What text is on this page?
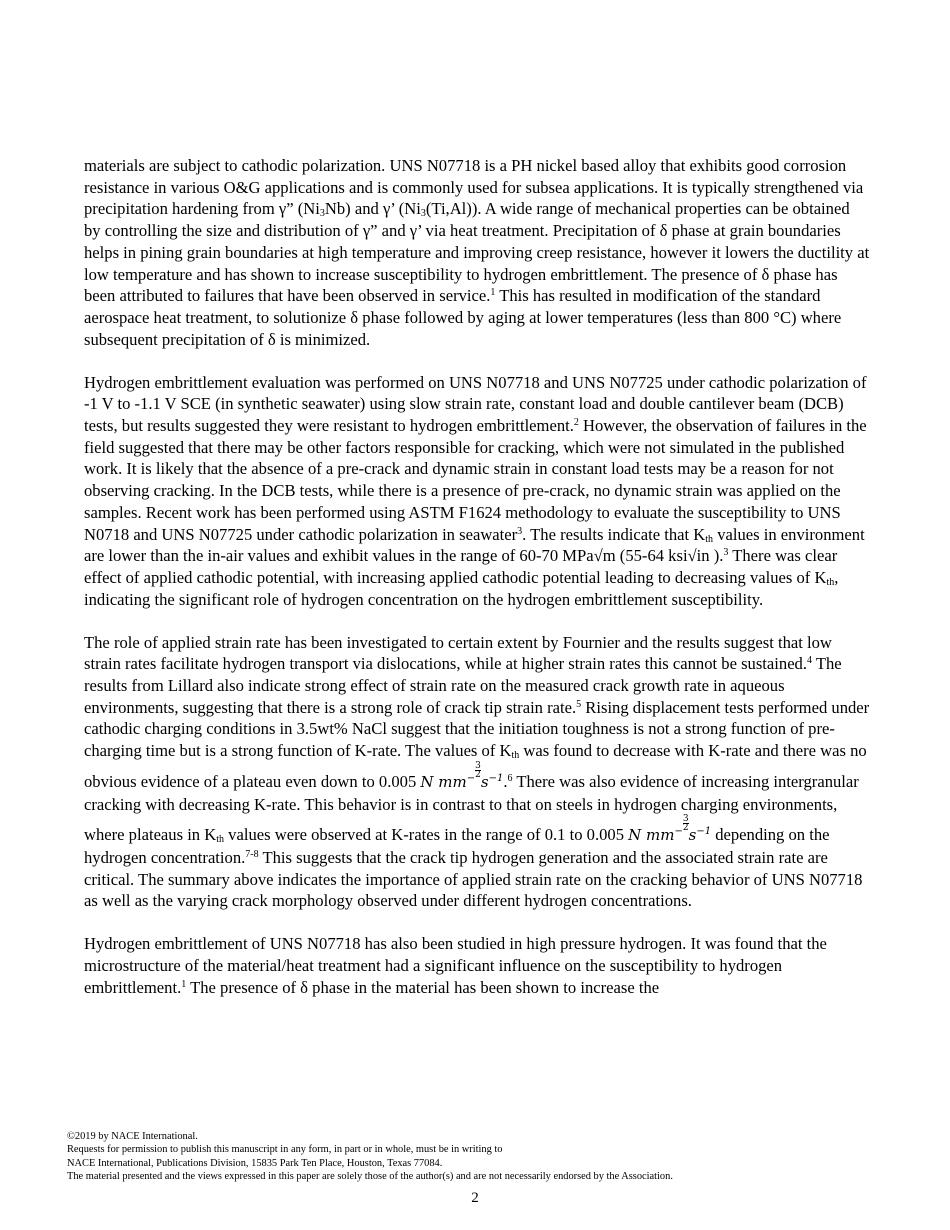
materials are subject to cathodic polarization. UNS N07718 is a PH nickel based alloy that exhibits good corrosion resistance in various O&G applications and is commonly used for subsea applications. It is typically strengthened via precipitation hardening from γ” $(Ni_3Nb)$ and γ’ $(Ni_3(Ti,Al))$. A wide range of mechanical properties can be obtained by controlling the size and distribution of γ” and γ’ via heat treatment. Precipitation of δ phase at grain boundaries helps in pining grain boundaries at high temperature and improving creep resistance, however it lowers the ductility at low temperature and has shown to increase susceptibility to hydrogen embrittlement. The presence of δ phase has been attributed to failures that have been observed in service.$^1$ This has resulted in modification of the standard aerospace heat treatment, to solutionize δ phase followed by aging at lower temperatures (less than 800 °C) where subsequent precipitation of δ is minimized.

Hydrogen embrittlement evaluation was performed on UNS N07718 and UNS N07725 under cathodic polarization of -1 V to -1.1 V SCE (in synthetic seawater) using slow strain rate, constant load and double cantilever beam (DCB) tests, but results suggested they were resistant to hydrogen embrittlement.$^2$ However, the observation of failures in the field suggested that there may be other factors responsible for cracking, which were not simulated in the published work. It is likely that the absence of a pre-crack and dynamic strain in constant load tests may be a reason for not observing cracking. In the DCB tests, while there is a presence of pre-crack, no dynamic strain was applied on the samples. Recent work has been performed using ASTM F1624 methodology to evaluate the susceptibility to UNS N0718 and UNS N07725 under cathodic polarization in seawater$^3$. The results indicate that $K_{th}$ values in environment are lower than the in-air values and exhibit values in the range of 60-70 MPa√m (55-64 ksi√in ).$^3$ There was clear effect of applied cathodic potential, with increasing applied cathodic potential leading to decreasing values of $K_{th}$, indicating the significant role of hydrogen concentration on the hydrogen embrittlement susceptibility.

The role of applied strain rate has been investigated to certain extent by Fournier and the results suggest that low strain rates facilitate hydrogen transport via dislocations, while at higher strain rates this cannot be sustained.$^4$ The results from Lillard also indicate strong effect of strain rate on the measured crack growth rate in aqueous environments, suggesting that there is a strong role of crack tip strain rate.$^5$ Rising displacement tests performed under cathodic charging conditions in 3.5wt% NaCl suggest that the initiation toughness is not a strong function of pre-charging time but is a strong function of K-rate. The values of $K_{th}$ was found to decrease with K-rate and there was no obvious evidence of a plateau even down to 0.005 N $mm^{- \frac{3}{2}}$
$s^{-1}.^6$ There was also evidence of increasing intergranular cracking with decreasing K-rate. This behavior is in contrast to that on steels in hydrogen charging environments, where plateaus in $K_{th}$ values were observed at K-rates in the range of 0.1 to 0.005 N $mm^{- \frac{3}{2}}$
$s^{-1}$ depending on the hydrogen concentration.$^{7-8}$ This suggests that the crack tip hydrogen generation and the associated strain rate are critical. The summary above indicates the importance of applied strain rate on the cracking behavior of UNS N07718 as well as the varying crack morphology observed under different hydrogen concentrations.

Hydrogen embrittlement of UNS N07718 has also been studied in high pressure hydrogen. It was found that the microstructure of the material/heat treatment had a significant influence on the susceptibility to hydrogen embrittlement.$^1$ The presence of δ phase in the material has been shown to increase the

©2019 by NACE International.
Requests for permission to publish this manuscript in any form, in part or in whole, must be in writing to
NACE International, Publications Division, 15835 Park Ten Place, Houston, Texas 77084.
The material presented and the views expressed in this paper are solely those of the author(s) and are not necessarily endorsed by the Association.
2
